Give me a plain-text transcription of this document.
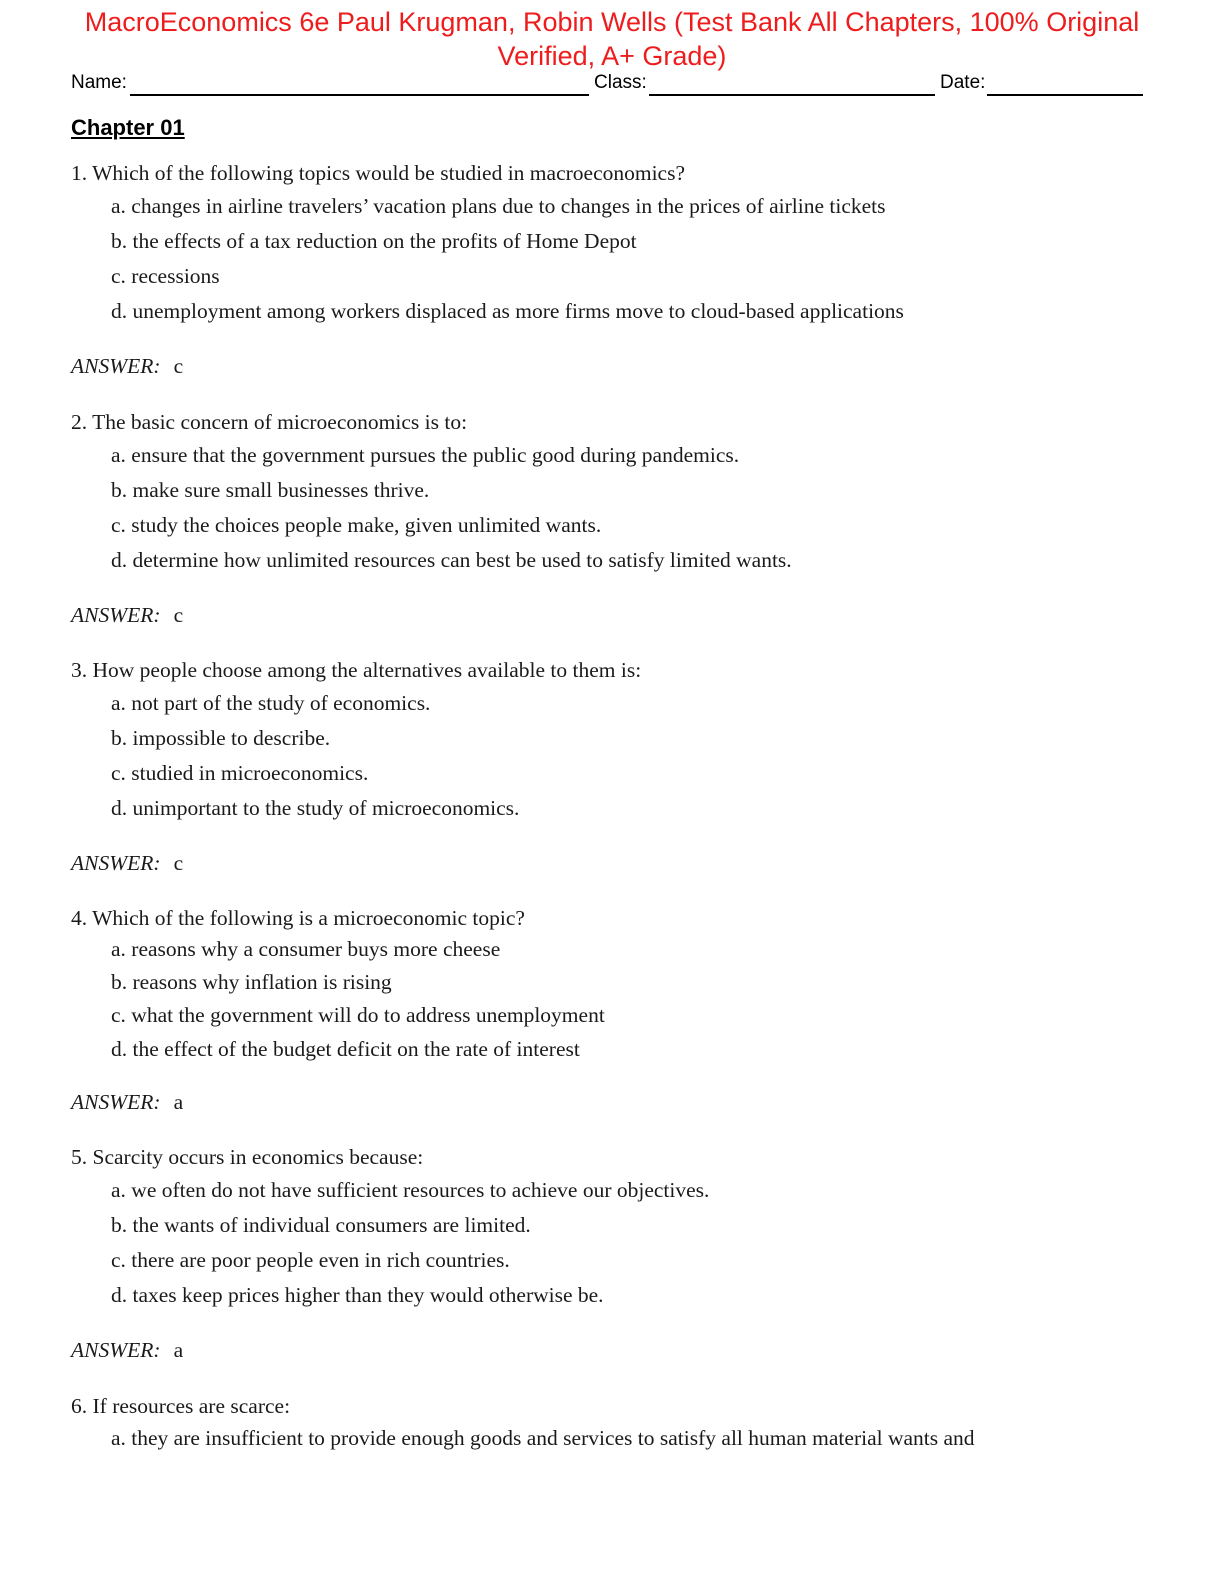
MacroEconomics 6e Paul Krugman, Robin Wells (Test Bank All Chapters, 100% Original
Verified, A+ Grade)
Name:	Class:	Date:
Chapter 01
1. Which of the following topics would be studied in macroeconomics?
a. changes in airline travelers’ vacation plans due to changes in the prices of airline tickets
b. the effects of a tax reduction on the profits of Home Depot
c. recessions
d. unemployment among workers displaced as more firms move to cloud-based applications
ANSWER: c
2. The basic concern of microeconomics is to:
a. ensure that the government pursues the public good during pandemics.
b. make sure small businesses thrive.
c. study the choices people make, given unlimited wants.
d. determine how unlimited resources can best be used to satisfy limited wants.
ANSWER: c
3. How people choose among the alternatives available to them is:
a. not part of the study of economics.
b. impossible to describe.
c. studied in microeconomics.
d. unimportant to the study of microeconomics.
ANSWER: c
4. Which of the following is a microeconomic topic?
a. reasons why a consumer buys more cheese
b. reasons why inflation is rising
c. what the government will do to address unemployment
d. the effect of the budget deficit on the rate of interest
ANSWER: a
5. Scarcity occurs in economics because:
a. we often do not have sufficient resources to achieve our objectives.
b. the wants of individual consumers are limited.
c. there are poor people even in rich countries.
d. taxes keep prices higher than they would otherwise be.
ANSWER: a
6. If resources are scarce:
a. they are insufficient to provide enough goods and services to satisfy all human material wants and
